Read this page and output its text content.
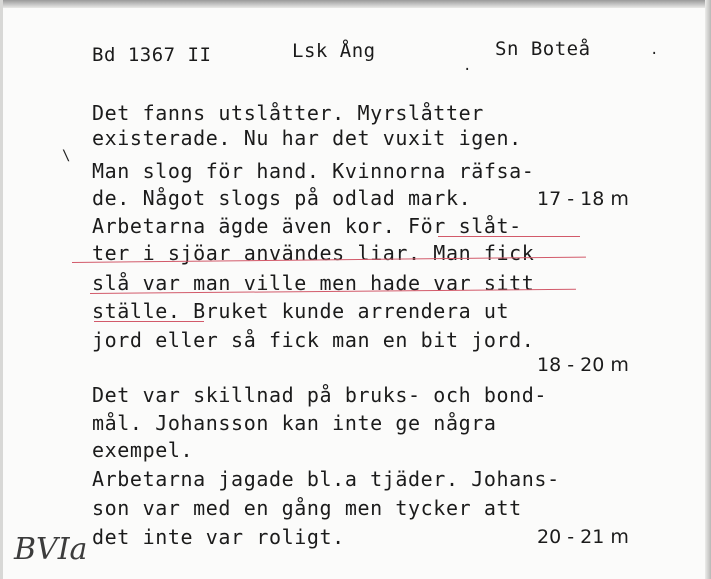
Bd 1367 II	Lsk Ång	Sn Boteå
.
·
\
Det fanns utslåtter. Myrslåtter
existerade. Nu har det vuxit igen.
Man slog för hand. Kvinnorna räfsa-
de. Något slogs på odlad mark.	17 - 18 m
Arbetarna ägde även kor. För slåt-
ter i sjöar användes liar. Man fick
slå var man ville men hade var sitt
ställe. Bruket kunde arrendera ut
jord eller så fick man en bit jord.
18 - 20 m
Det var skillnad på bruks- och bond-
mål. Johansson kan inte ge några
exempel.
Arbetarna jagade bl.a tjäder. Johans-
son var med en gång men tycker att
det inte var roligt.	20 - 21 m
BVIa
